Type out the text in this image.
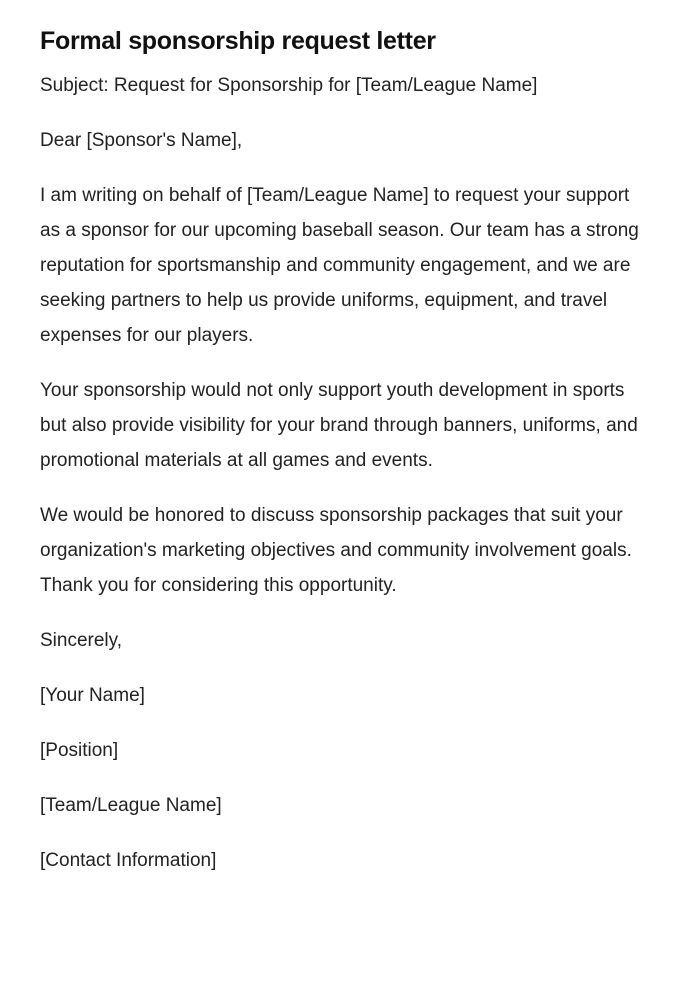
Formal sponsorship request letter

Subject: Request for Sponsorship for [Team/League Name]

Dear [Sponsor's Name],

I am writing on behalf of [Team/League Name] to request your support as a sponsor for our upcoming baseball season. Our team has a strong reputation for sportsmanship and community engagement, and we are seeking partners to help us provide uniforms, equipment, and travel expenses for our players.

Your sponsorship would not only support youth development in sports but also provide visibility for your brand through banners, uniforms, and promotional materials at all games and events.

We would be honored to discuss sponsorship packages that suit your organization's marketing objectives and community involvement goals. Thank you for considering this opportunity.

Sincerely,

[Your Name]

[Position]

[Team/League Name]

[Contact Information]
